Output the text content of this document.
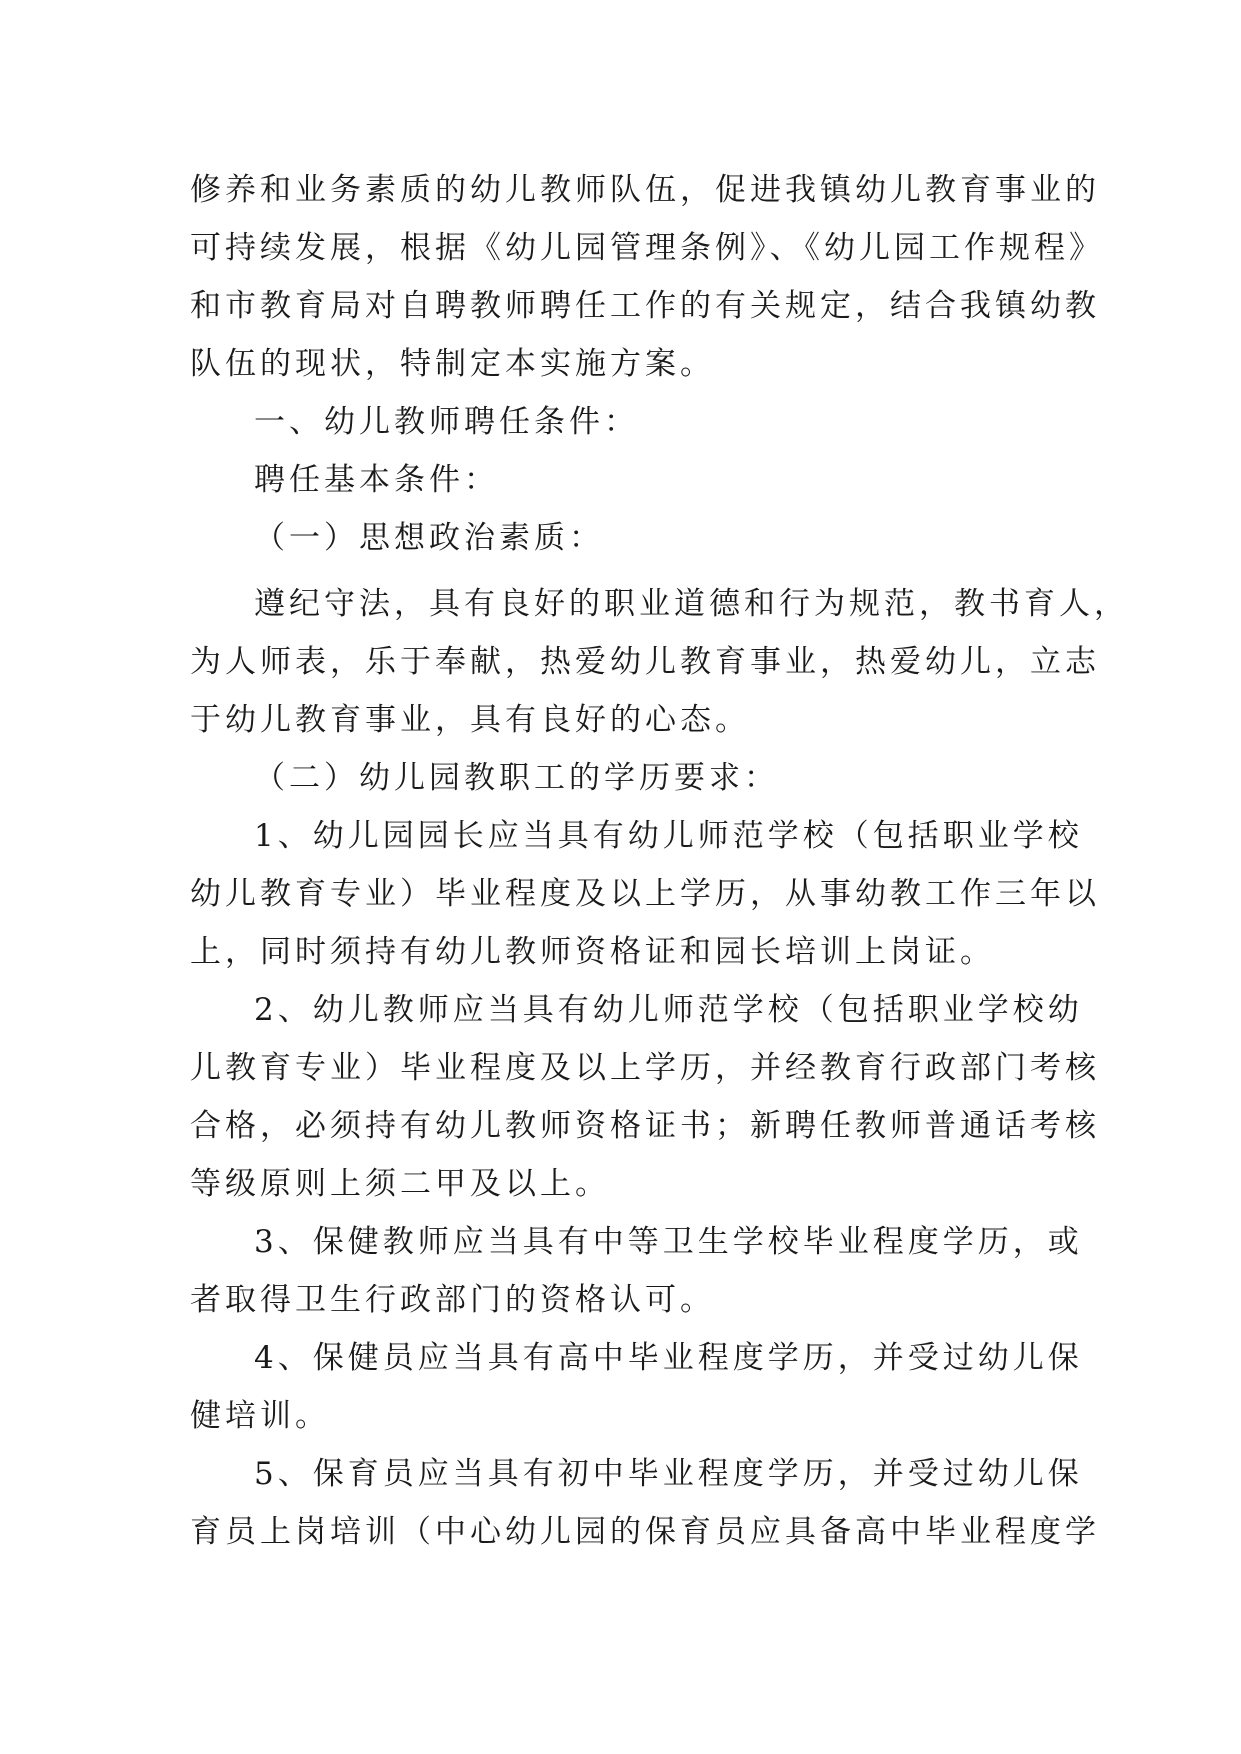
修养和业务素质的幼儿教师队伍，促进我镇幼儿教育事业的
可持续发展，根据《幼儿园管理条例》、《幼儿园工作规程》
和市教育局对自聘教师聘任工作的有关规定，结合我镇幼教
队伍的现状，特制定本实施方案。
一、幼儿教师聘任条件：
聘任基本条件：
（一）思想政治素质：
遵纪守法，具有良好的职业道德和行为规范，教书育人，
为人师表，乐于奉献，热爱幼儿教育事业，热爱幼儿，立志
于幼儿教育事业，具有良好的心态。
（二）幼儿园教职工的学历要求：
1、幼儿园园长应当具有幼儿师范学校（包括职业学校
幼儿教育专业）毕业程度及以上学历，从事幼教工作三年以
上，同时须持有幼儿教师资格证和园长培训上岗证。
2、幼儿教师应当具有幼儿师范学校（包括职业学校幼
儿教育专业）毕业程度及以上学历，并经教育行政部门考核
合格，必须持有幼儿教师资格证书；新聘任教师普通话考核
等级原则上须二甲及以上。
3、保健教师应当具有中等卫生学校毕业程度学历，或
者取得卫生行政部门的资格认可。
4、保健员应当具有高中毕业程度学历，并受过幼儿保
健培训。
5、保育员应当具有初中毕业程度学历，并受过幼儿保
育员上岗培训（中心幼儿园的保育员应具备高中毕业程度学
